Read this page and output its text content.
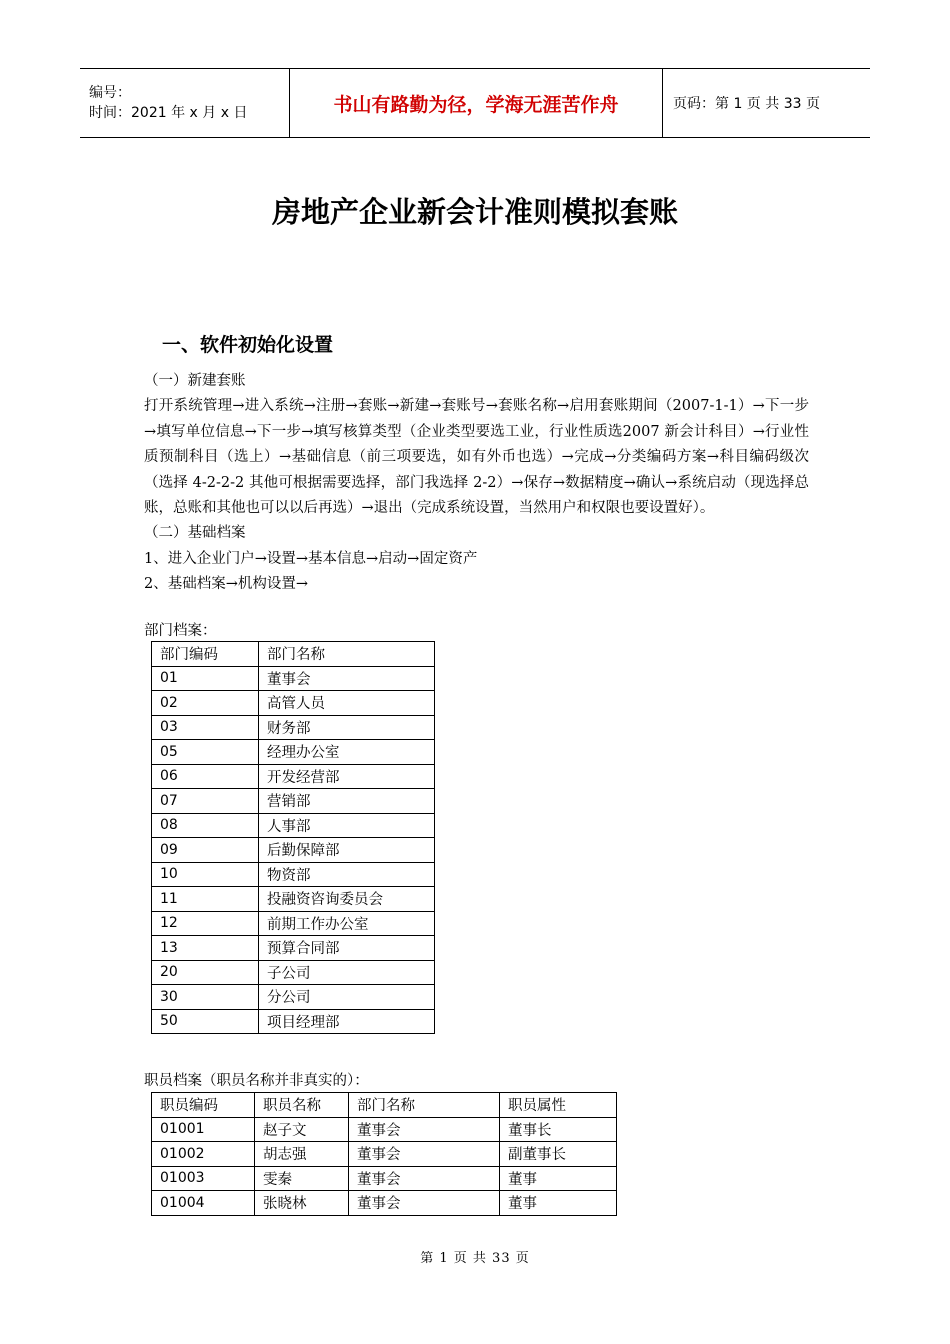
编号：
时间：2021 年 x 月 x 日	书山有路勤为径，学海无涯苦作舟	页码：第 1 页 共 33 页
房地产企业新会计准则模拟套账
一、软件初始化设置

（一）新建套账

打开系统管理→进入系统→注册→套账→新建→套账号→套账名称→启用套账期间（2007-1-1）→下一步→填写单位信息→下一步→填写核算类型（企业类型要选工业，行业性质选2007 新会计科目）→行业性质预制科目（选上）→基础信息（前三项要选，如有外币也选）→完成→分类编码方案→科目编码级次（选择 4-2-2-2 其他可根据需要选择，部门我选择 2-2）→保存→数据精度→确认→系统启动（现选择总账，总账和其他也可以以后再选）→退出（完成系统设置，当然用户和权限也要设置好）。

（二）基础档案

1、进入企业门户→设置→基本信息→启动→固定资产

2、基础档案→机构设置→

部门档案：
部门编码	部门名称
01	董事会
02	高管人员
03	财务部
05	经理办公室
06	开发经营部
07	营销部
08	人事部
09	后勤保障部
10	物资部
11	投融资咨询委员会
12	前期工作办公室
13	预算合同部
20	子公司
30	分公司
50	项目经理部
职员档案（职员名称并非真实的）：
职员编码	职员名称	部门名称	职员属性
01001	赵子文	董事会	董事长
01002	胡志强	董事会	副董事长
01003	雯秦	董事会	董事
01004	张晓林	董事会	董事
第 1 页 共 33 页
